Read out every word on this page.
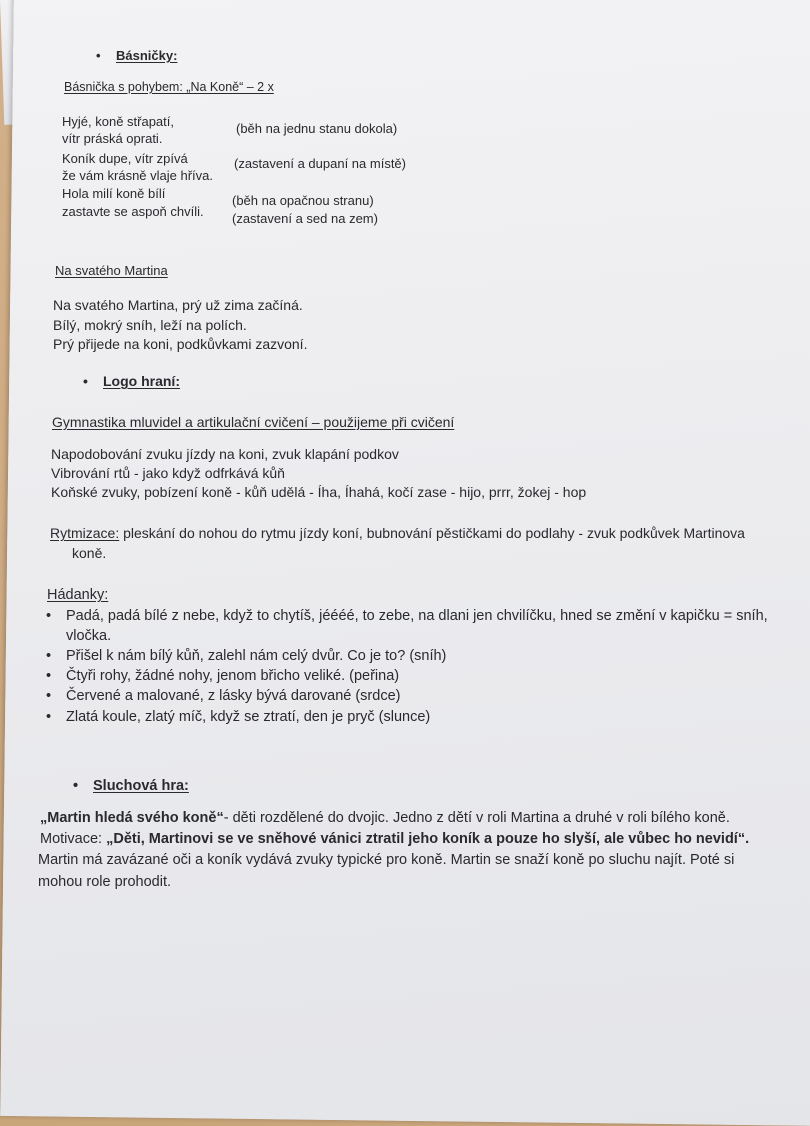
• Básničky:
Básnička s pohybem: „Na Koně“ – 2 x
Hyjé, koně střapatí,
vítr práská oprati.
Koník dupe, vítr zpívá
že vám krásně vlaje hříva.
Hola milí koně bílí
zastavte se aspoň chvíli.
(běh na jednu stanu dokola)
(zastavení a dupaní na místě)
(běh na opačnou stranu)
(zastavení a sed na zem)
Na svatého Martina
Na svatého Martina, prý už zima začíná.
Bílý, mokrý sníh, leží na polích.
Prý přijede na koni, podkůvkami zazvoní.
• Logo hraní:
Gymnastika mluvidel a artikulační cvičení – použijeme při cvičení
Napodobování zvuku jízdy na koni, zvuk klapání podkov
Vibrování rtů - jako když odfrkává kůň
Koňské zvuky, pobízení koně - kůň udělá - Íha, Íhahá, kočí zase - hijo, prrr, žokej - hop
Rytmizace: pleskání do nohou do rytmu jízdy koní, bubnování pěstičkami do podlahy - zvuk podkůvek Martinova
koně.
Hádanky:
• Padá, padá bílé z nebe, když to chytíš, jéééé, to zebe, na dlani jen chvilíčku, hned se změní v kapičku = sníh,
vločka.
• Přišel k nám bílý kůň, zalehl nám celý dvůr. Co je to? (sníh)
• Čtyři rohy, žádné nohy, jenom břicho veliké. (peřina)
• Červené a malované, z lásky bývá darované (srdce)
• Zlatá koule, zlatý míč, když se ztratí, den je pryč (slunce)
• Sluchová hra:
„Martin hledá svého koně“- děti rozdělené do dvojic. Jedno z dětí v roli Martina a druhé v roli bílého koně.
Motivace: „Děti, Martinovi se ve sněhové vánici ztratil jeho koník a pouze ho slyší, ale vůbec ho nevidí“.
Martin má zavázané oči a koník vydává zvuky typické pro koně. Martin se snaží koně po sluchu najít. Poté si
mohou role prohodit.
